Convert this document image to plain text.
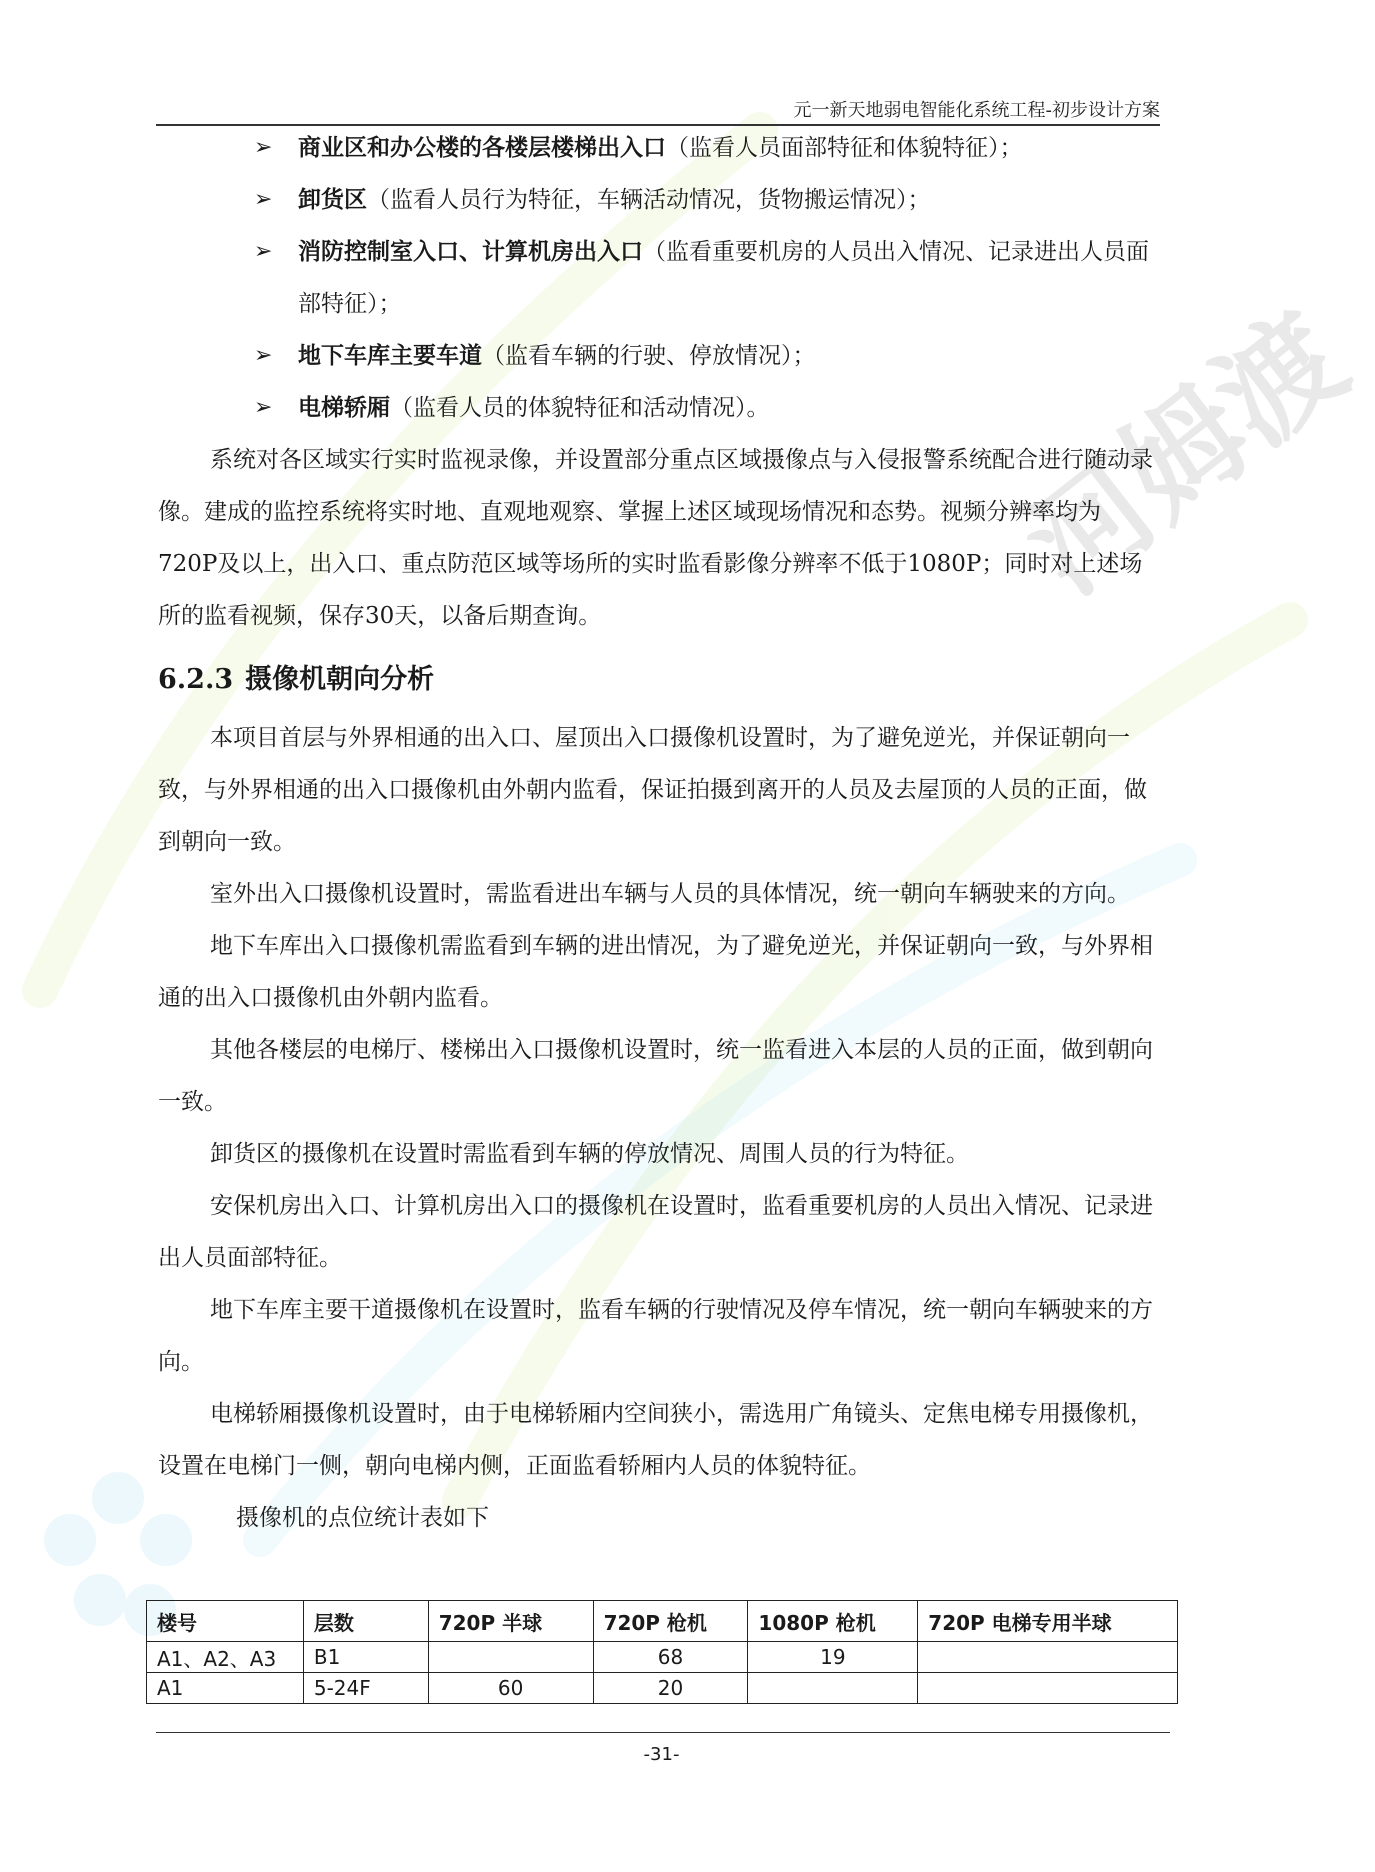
河姆渡
元一新天地弱电智能化系统工程-初步设计方案
➢ 商业区和办公楼的各楼层楼梯出入口（监看人员面部特征和体貌特征）；
➢ 卸货区（监看人员行为特征，车辆活动情况，货物搬运情况）；
➢ 消防控制室入口、计算机房出入口（监看重要机房的人员出入情况、记录进出人员面部特征）；
➢ 地下车库主要车道（监看车辆的行驶、停放情况）；
➢ 电梯轿厢（监看人员的体貌特征和活动情况）。

系统对各区域实行实时监视录像，并设置部分重点区域摄像点与入侵报警系统配合进行随动录像。建成的监控系统将实时地、直观地观察、掌握上述区域现场情况和态势。视频分辨率均为720P及以上，出入口、重点防范区域等场所的实时监看影像分辨率不低于1080P；同时对上述场所的监看视频，保存30天，以备后期查询。

6.2.3 摄像机朝向分析

本项目首层与外界相通的出入口、屋顶出入口摄像机设置时，为了避免逆光，并保证朝向一致，与外界相通的出入口摄像机由外朝内监看，保证拍摄到离开的人员及去屋顶的人员的正面，做到朝向一致。

室外出入口摄像机设置时，需监看进出车辆与人员的具体情况，统一朝向车辆驶来的方向。

地下车库出入口摄像机需监看到车辆的进出情况，为了避免逆光，并保证朝向一致，与外界相通的出入口摄像机由外朝内监看。

其他各楼层的电梯厅、楼梯出入口摄像机设置时，统一监看进入本层的人员的正面，做到朝向一致。

卸货区的摄像机在设置时需监看到车辆的停放情况、周围人员的行为特征。

安保机房出入口、计算机房出入口的摄像机在设置时，监看重要机房的人员出入情况、记录进出人员面部特征。

地下车库主要干道摄像机在设置时，监看车辆的行驶情况及停车情况，统一朝向车辆驶来的方向。

电梯轿厢摄像机设置时，由于电梯轿厢内空间狭小，需选用广角镜头、定焦电梯专用摄像机，设置在电梯门一侧，朝向电梯内侧，正面监看轿厢内人员的体貌特征。

摄像机的点位统计表如下

楼号	层数	720P 半球	720P 枪机	1080P 枪机	720P 电梯专用半球
A1、A2、A3	B1		68	19	
A1	5-24F	60	20		
-31-
